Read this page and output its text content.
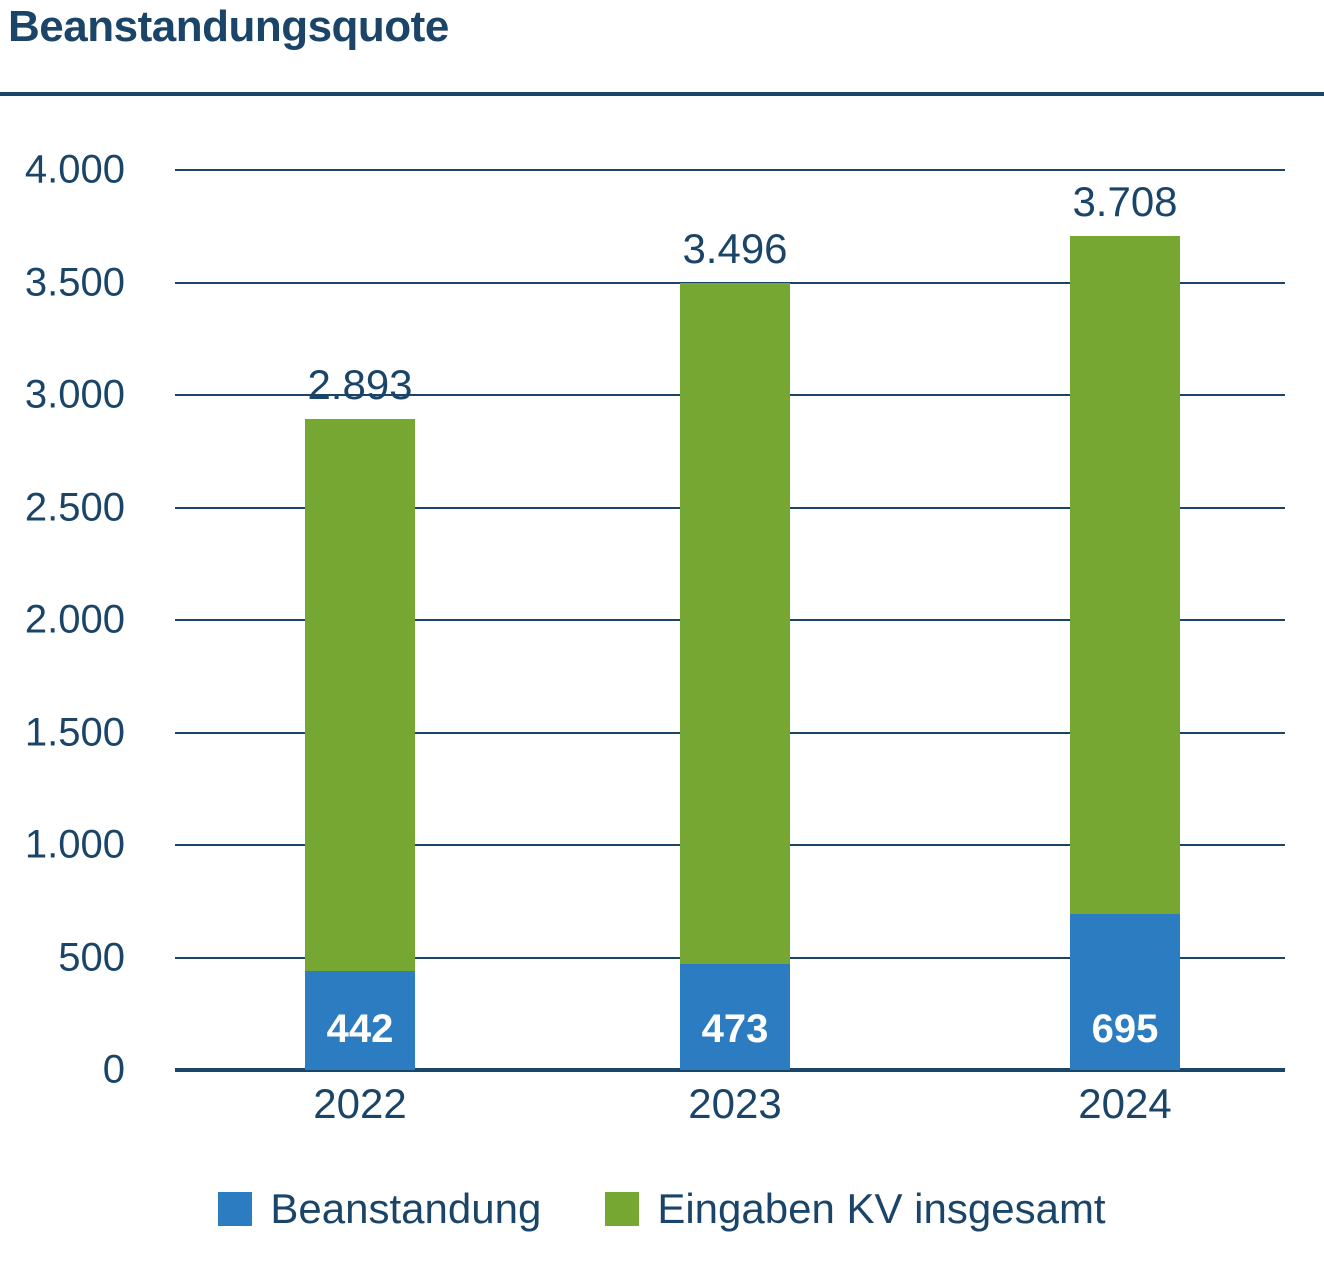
Beanstandungsquote
0
500
1.000
1.500
2.000
2.500
3.000
3.500
4.000
442
2.893
2022
473
3.496
2023
695
3.708
2024
Beanstandung	Eingaben KV insgesamt
